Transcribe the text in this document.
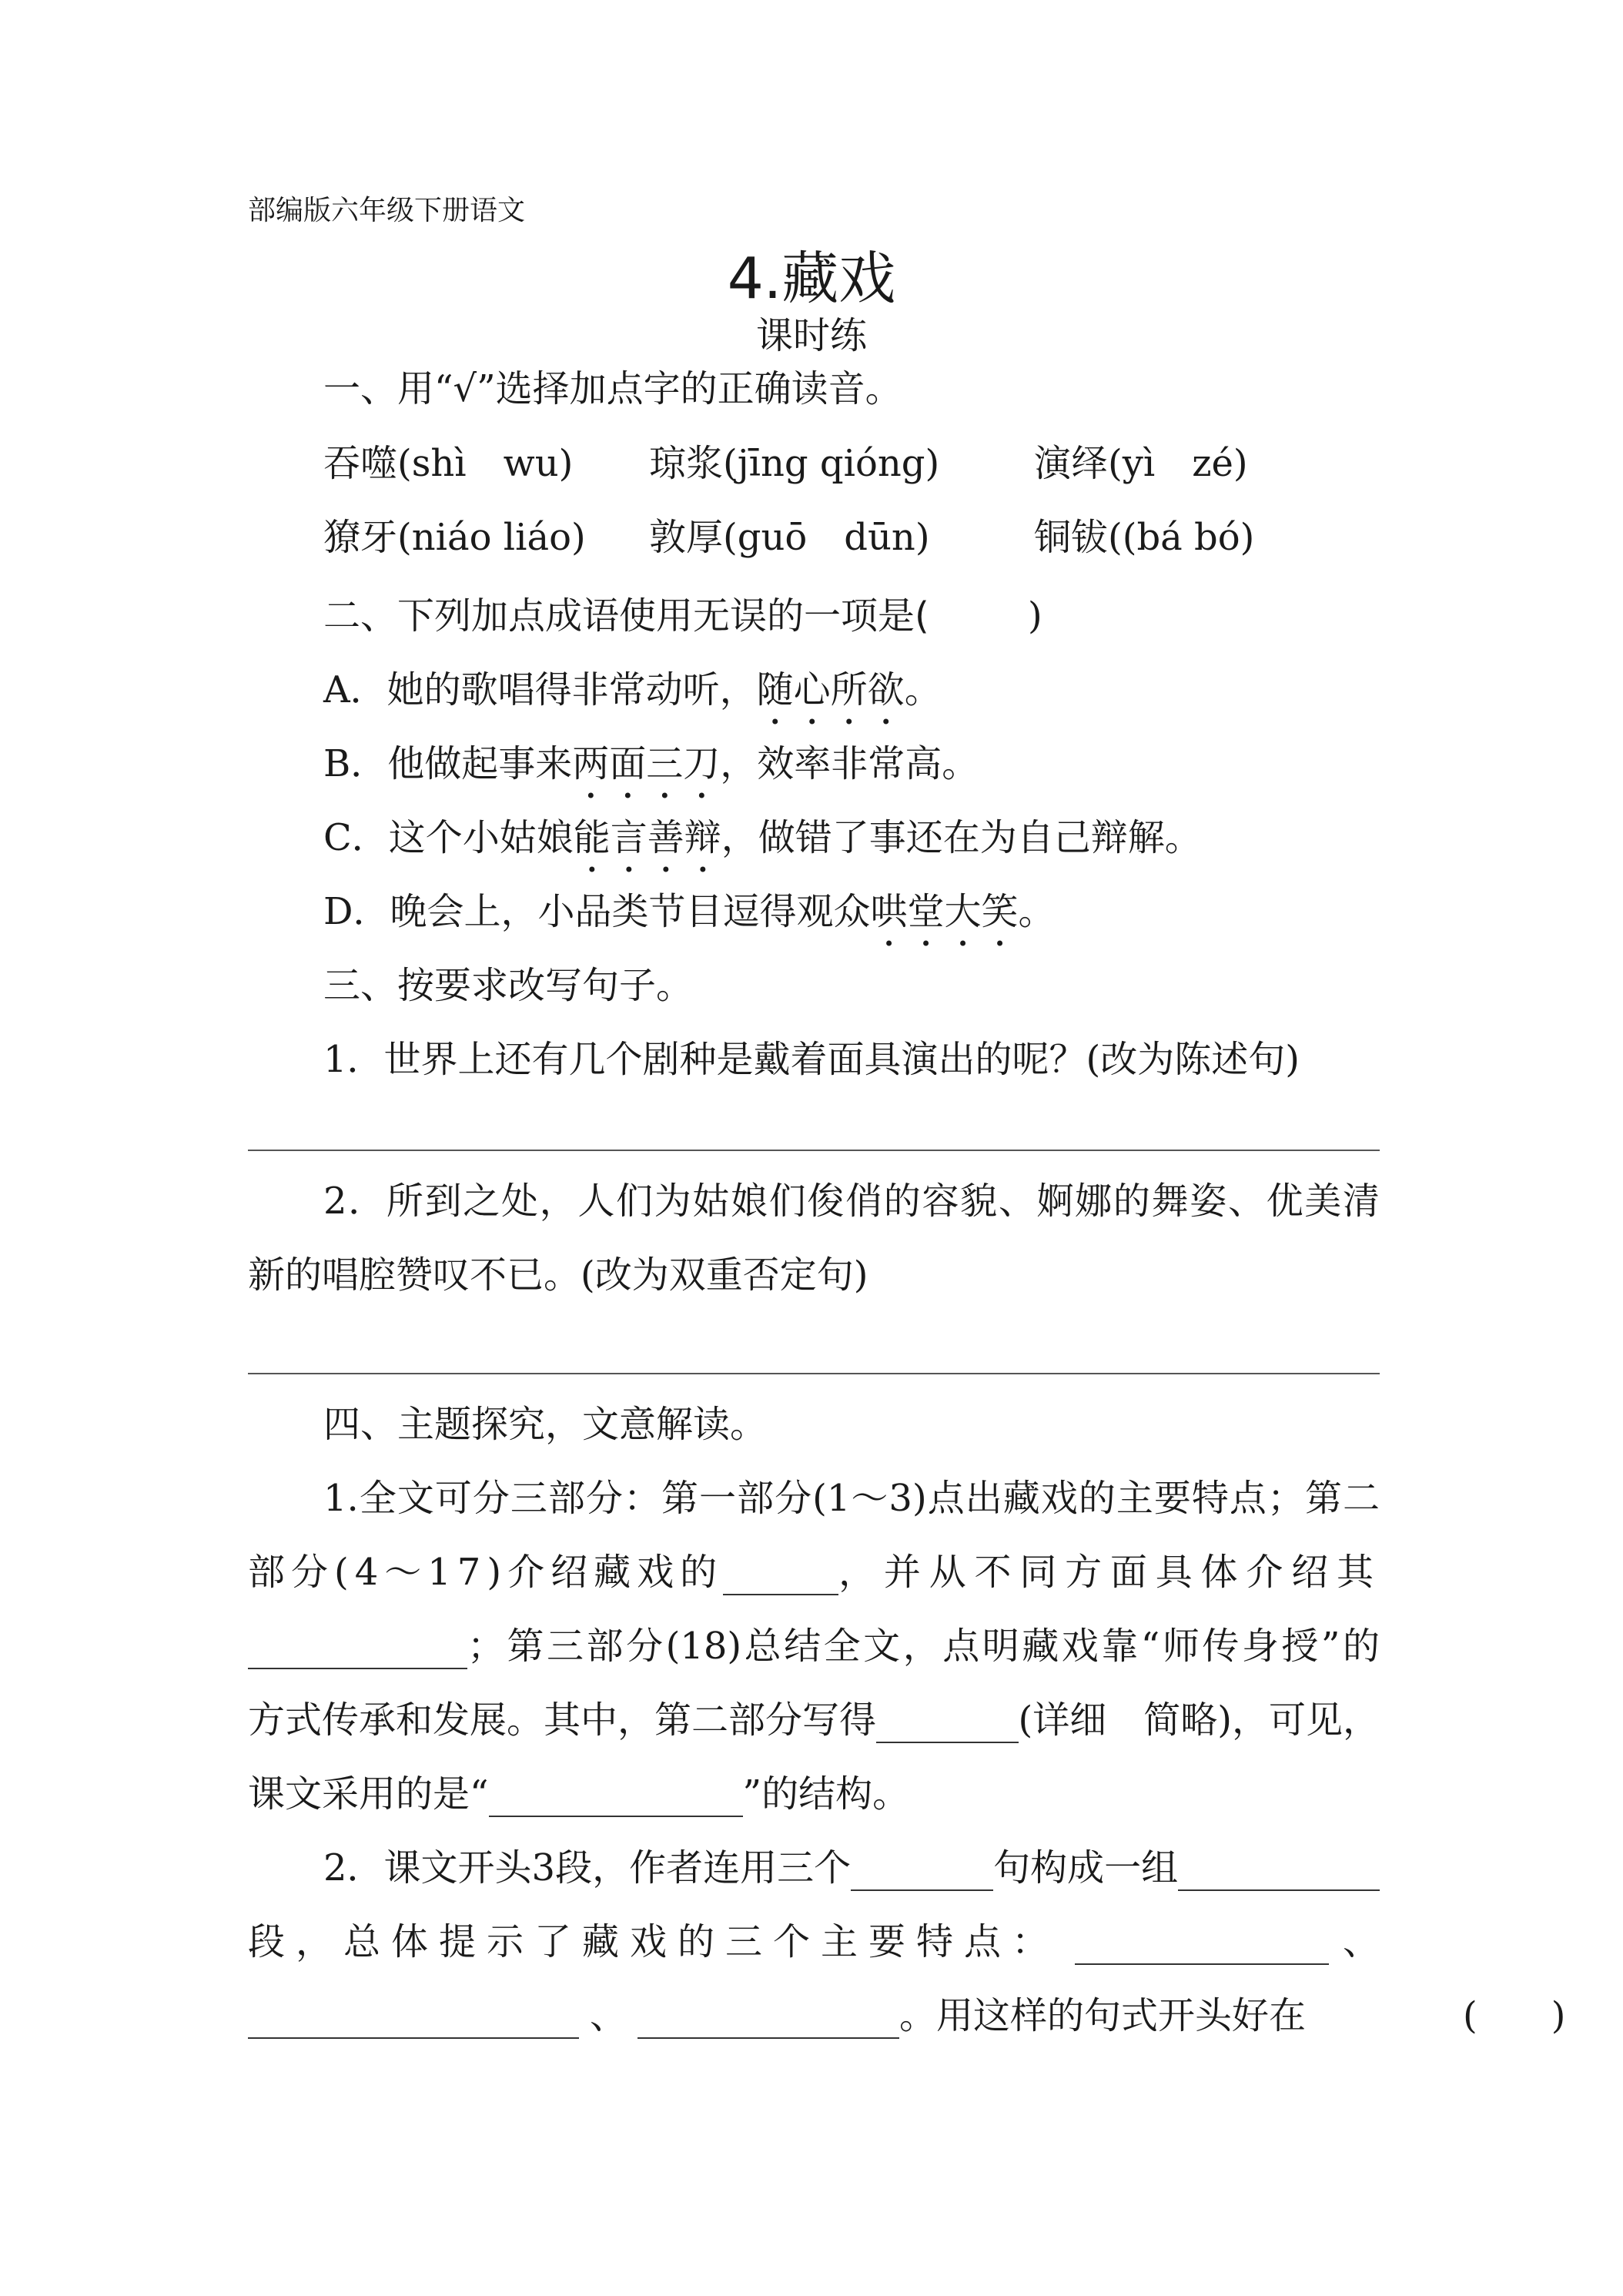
部编版六年级下册语文
4.藏戏
课时练
一、用“√”选择加点字的正确读音。
吞噬(shì　wu) 琼浆(jīng qióng)	演绎(yì　zé)
獠牙(niáo liáo) 敦厚(guō　dūn)	铜钹((bá bó)
二、下列加点成语使用无误的一项是(	)
A．她的歌唱得非常动听，随心所欲。
B．他做起事来两面三刀，效率非常高。
C．这个小姑娘能言善辩，做错了事还在为自己辩解。
D．晚会上，小品类节目逗得观众哄堂大笑。
三、按要求改写句子。
1．世界上还有几个剧种是戴着面具演出的呢？(改为陈述句)
2．所到之处，人们为姑娘们俊俏的容貌、婀娜的舞姿、优美清
新的唱腔赞叹不已。(改为双重否定句)
四、主题探究，文意解读。
1.全文可分三部分：第一部分(1～3)点出藏戏的主要特点；第二
部分(4～17)介绍藏戏的	，并从不同方面具体介绍其
；第三部分(18)总结全文，点明藏戏靠“师传身授”的
方式传承和发展。其中，第二部分写得	(详细　简略)，可见，
课文采用的是“	”的结构。
2．课文开头3段，作者连用三个	句构成一组
段，总体提示了藏戏的三个主要特点：	、
、	。用这样的句式开头好在	(　　)
